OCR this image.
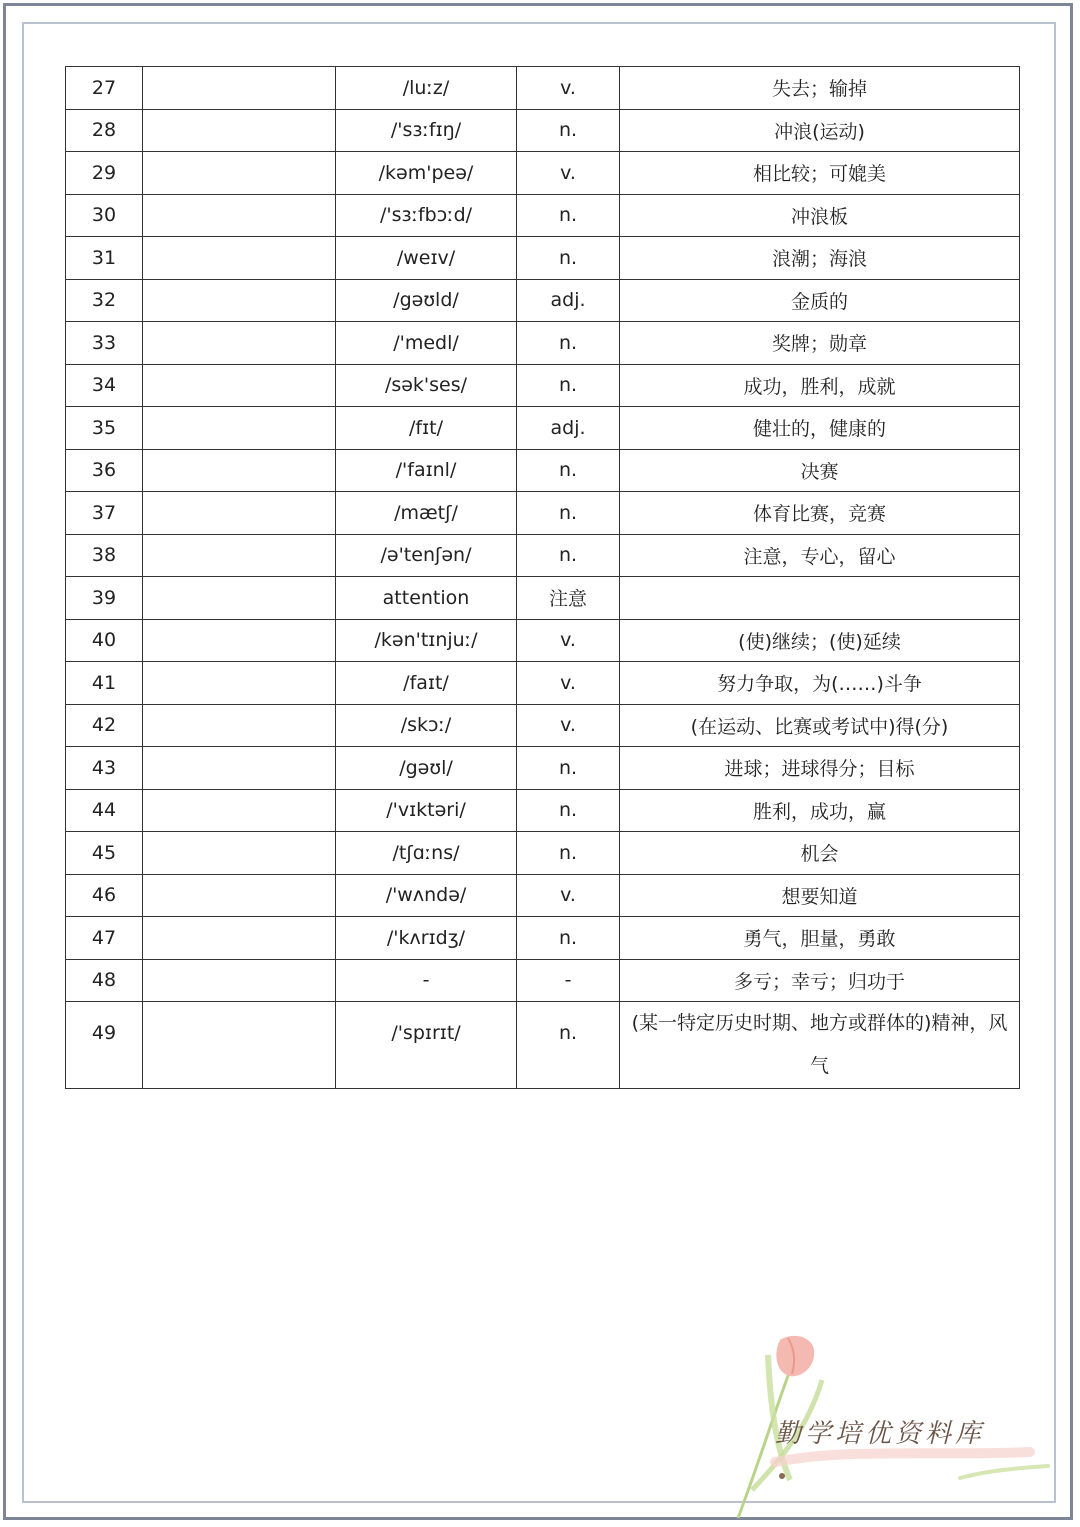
27		/luːz/	v.	失去；输掉
28		/'sɜːfɪŋ/	n.	冲浪(运动)
29		/kəm'peə/	v.	相比较；可媲美
30		/'sɜːfbɔːd/	n.	冲浪板
31		/weɪv/	n.	浪潮；海浪
32		/gəʊld/	adj.	金质的
33		/'medl/	n.	奖牌；勋章
34		/sək'ses/	n.	成功，胜利，成就
35		/fɪt/	adj.	健壮的，健康的
36		/'faɪnl/	n.	决赛
37		/mætʃ/	n.	体育比赛，竞赛
38		/ə'tenʃən/	n.	注意，专心，留心
39		attention	注意	
40		/kən'tɪnjuː/	v.	(使)继续；(使)延续
41		/faɪt/	v.	努力争取，为(……)斗争
42		/skɔː/	v.	(在运动、比赛或考试中)得(分)
43		/gəʊl/	n.	进球；进球得分；目标
44		/'vɪktəri/	n.	胜利，成功，赢
45		/tʃɑːns/	n.	机会
46		/'wʌndə/	v.	想要知道
47		/'kʌrɪdʒ/	n.	勇气，胆量，勇敢
48		-	-	多亏；幸亏；归功于
49		/'spɪrɪt/	n.	(某一特定历史时期、地方或群体的)精神，风气
勤学培优资料库
